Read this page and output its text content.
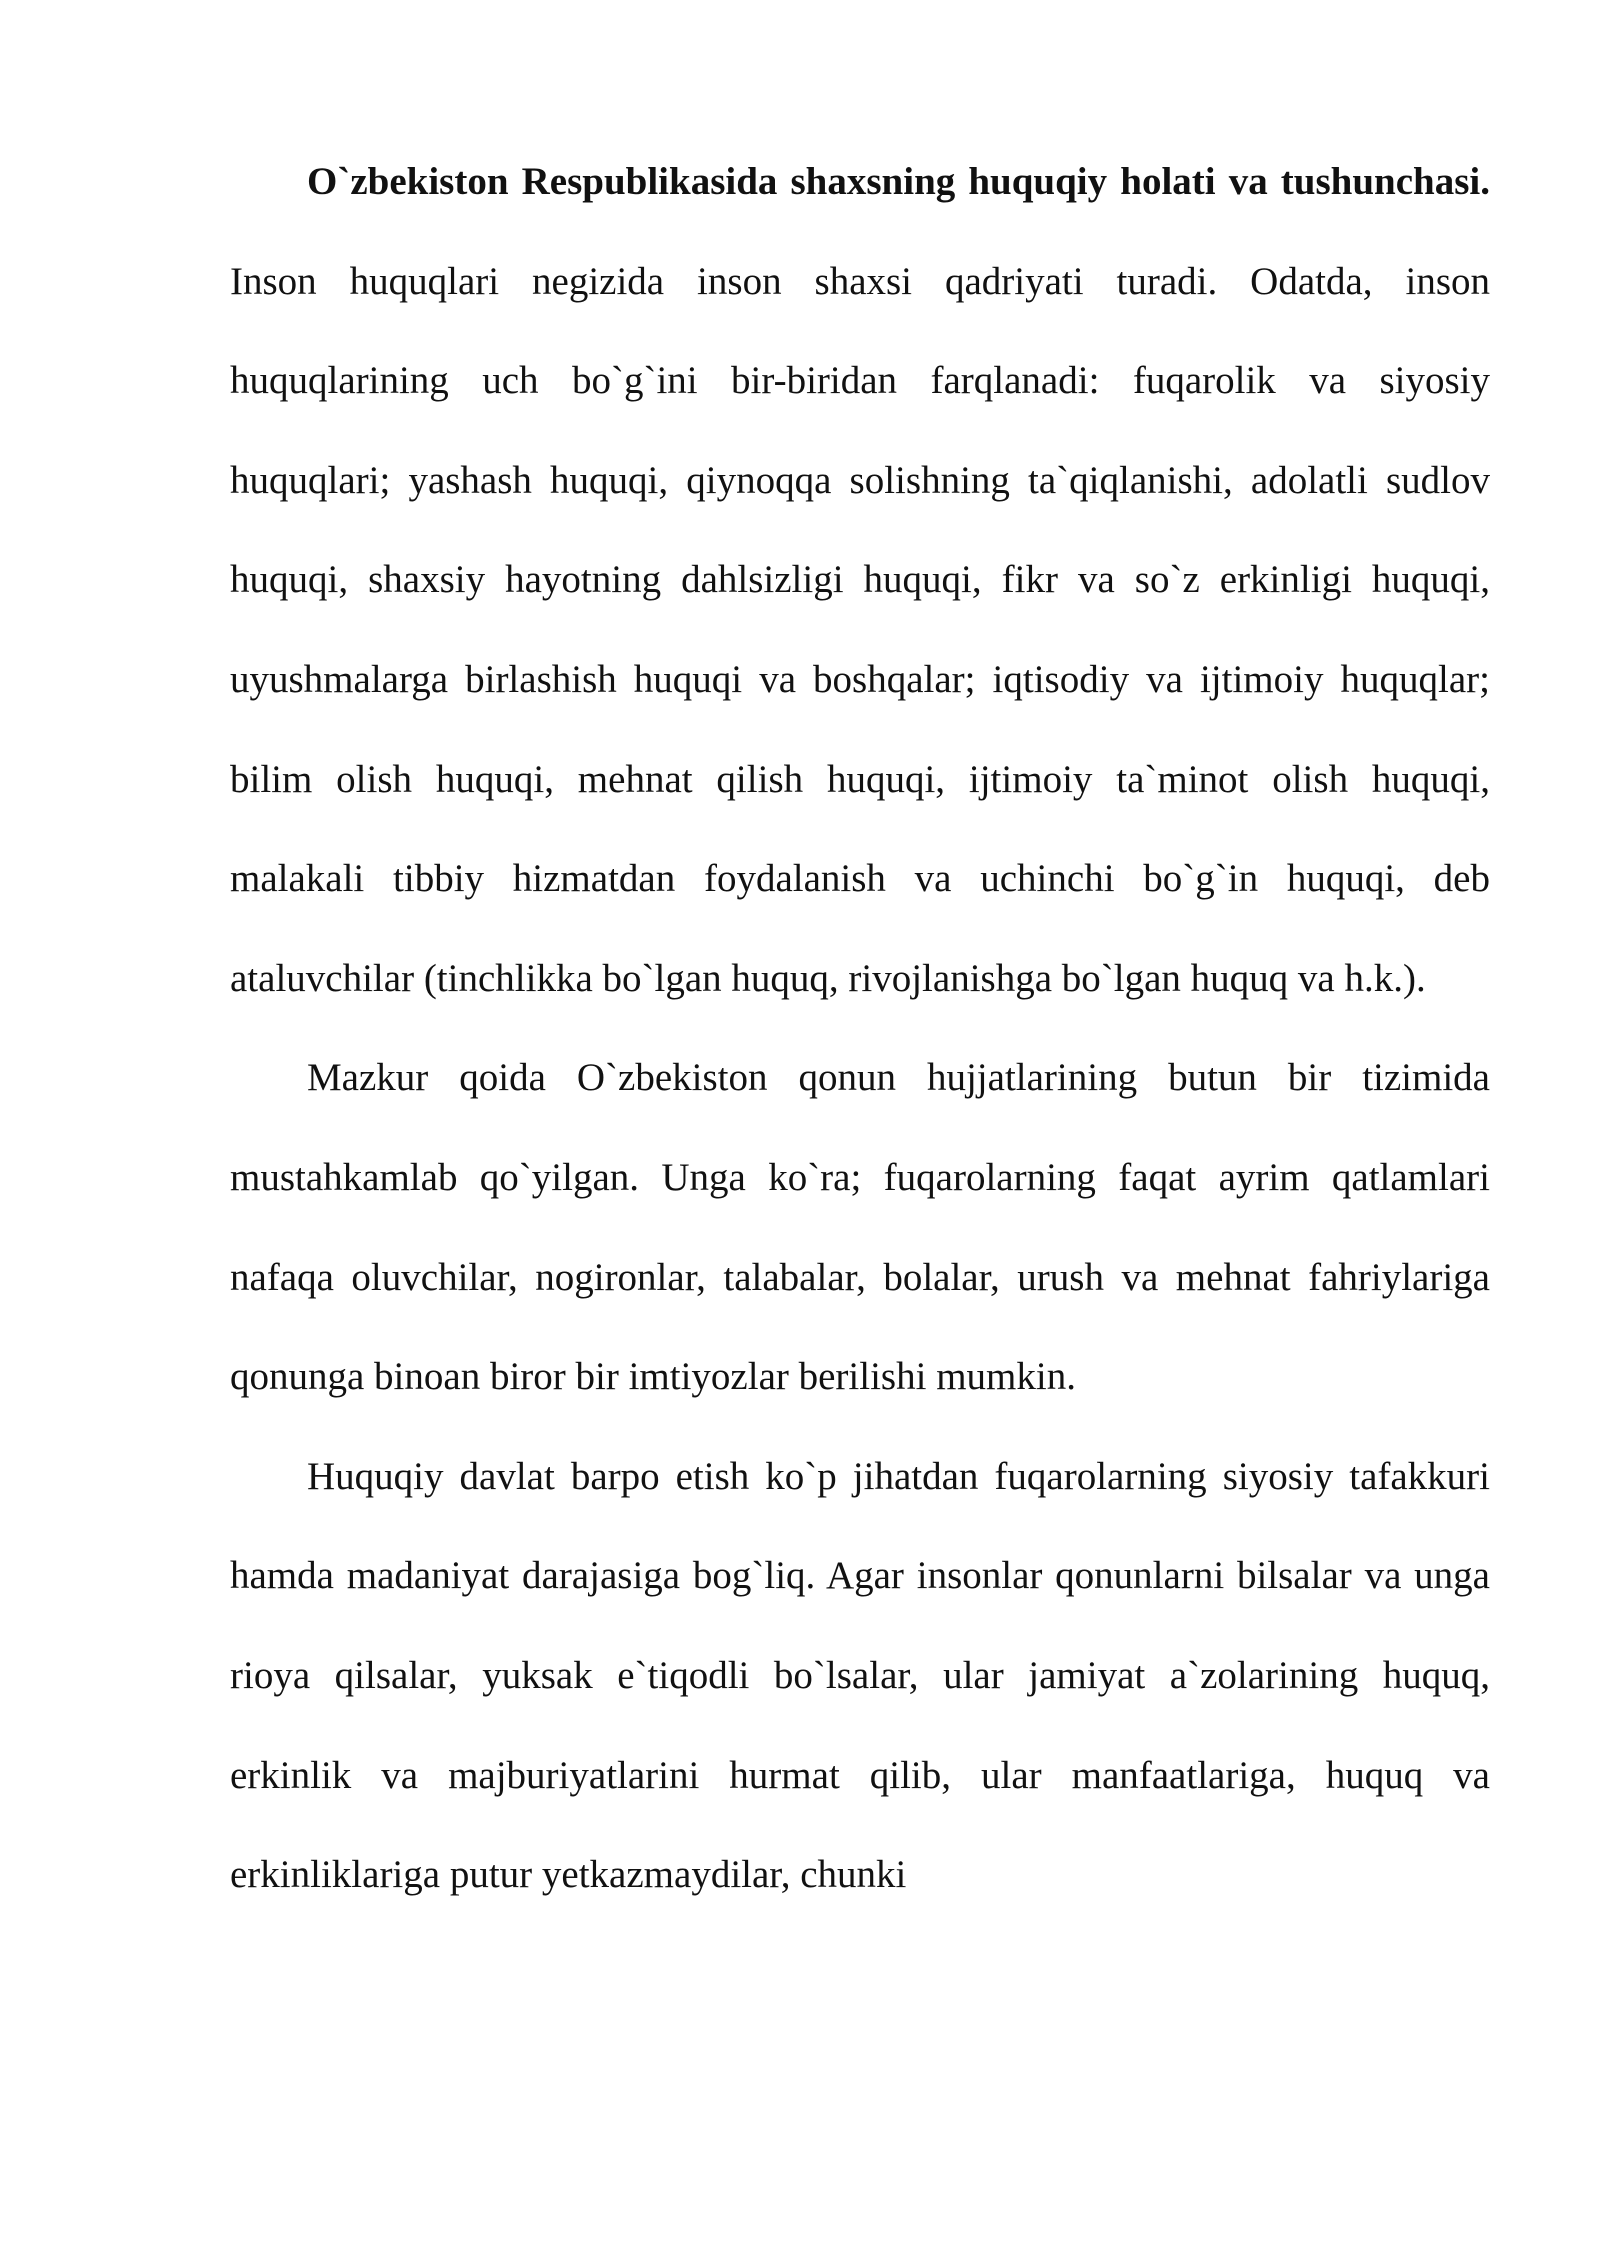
O`zbekiston Respublikasida shaxsning huquqiy holati va tushunchasi. Inson huquqlari negizida inson shaxsi qadriyati turadi. Odatda, inson huquqlarining uch bo`g`ini bir-biridan farqlanadi: fuqarolik va siyosiy huquqlari; yashash huquqi, qiynoqqa solishning ta`qiqlanishi, adolatli sudlov huquqi, shaxsiy hayotning dahlsizligi huquqi, fikr va so`z erkinligi huquqi, uyushmalarga birlashish huquqi va boshqalar; iqtisodiy va ijtimoiy huquqlar; bilim olish huquqi, mehnat qilish huquqi, ijtimoiy ta`minot olish huquqi, malakali tibbiy hizmatdan foydalanish va uchinchi bo`g`in huquqi, deb ataluvchilar (tinchlikka bo`lgan huquq, rivojlanishga bo`lgan huquq va h.k.).

Mazkur qoida O`zbekiston qonun hujjatlarining butun bir tizimida mustahkamlab qo`yilgan. Unga ko`ra; fuqarolarning faqat ayrim qatlamlari nafaqa oluvchilar, nogironlar, talabalar, bolalar, urush va mehnat fahriylariga qonunga binoan biror bir imtiyozlar berilishi mumkin.

Huquqiy davlat barpo etish ko`p jihatdan fuqarolarning siyosiy tafakkuri hamda madaniyat darajasiga bog`liq. Agar insonlar qonunlarni bilsalar va unga rioya qilsalar, yuksak e`tiqodli bo`lsalar, ular jamiyat a`zolarining huquq, erkinlik va majburiyatlarini hurmat qilib, ular manfaatlariga, huquq va erkinliklariga putur yetkazmaydilar, chunki
